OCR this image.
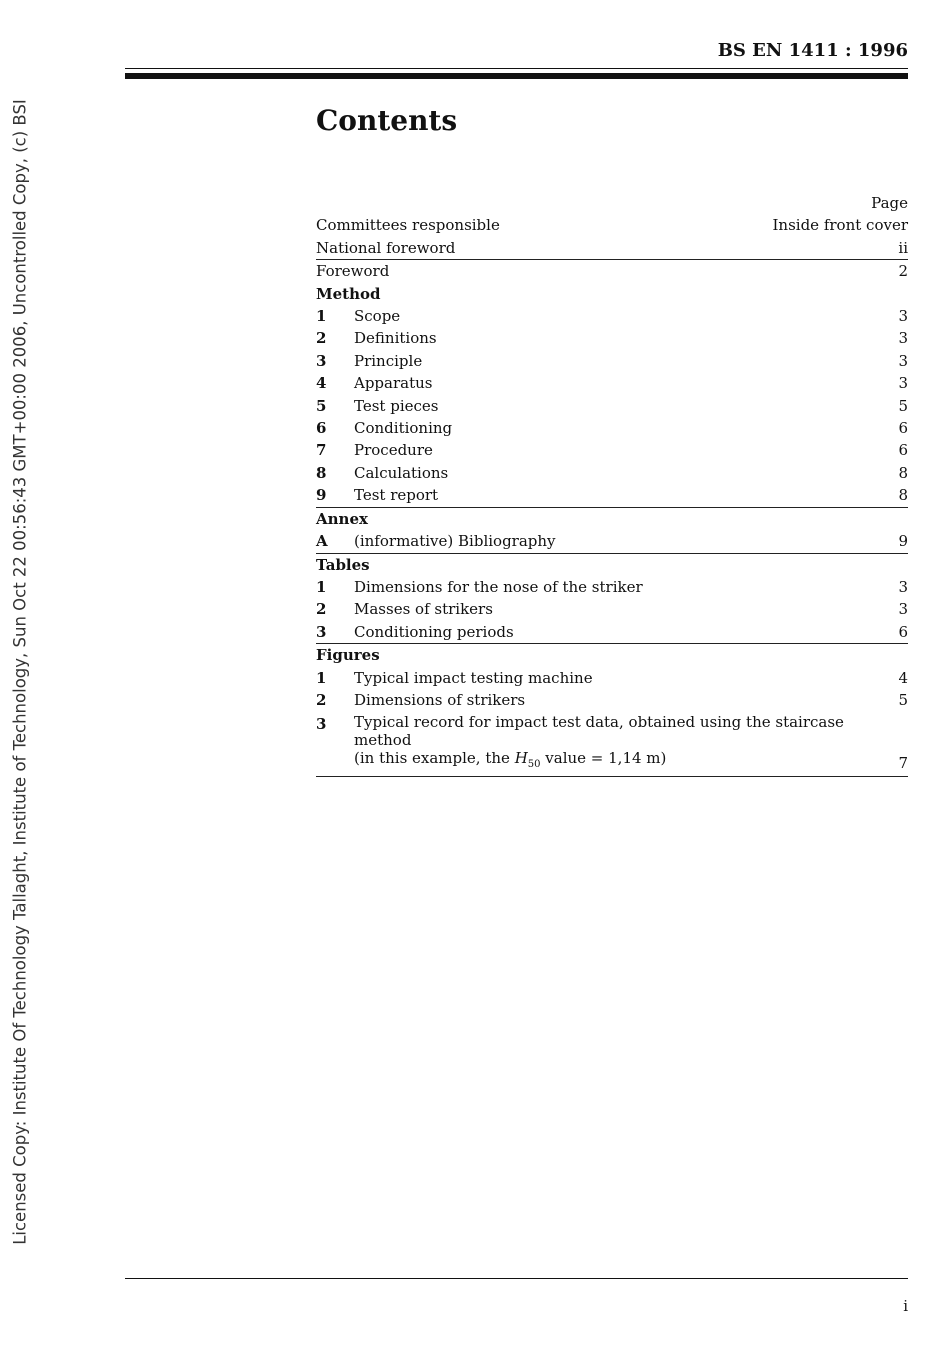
Licensed Copy: Institute Of Technology Tallaght, Institute of Technology, Sun Oct 22 00:56:43 GMT+00:00 2006, Uncontrolled Copy, (c) BSI
BS EN 1411 : 1996
Contents
Page
Committees responsible	Inside front cover
National foreword	ii
Foreword	2
Method
1	Scope	3
2	Definitions	3
3	Principle	3
4	Apparatus	3
5	Test pieces	5
6	Conditioning	6
7	Procedure	6
8	Calculations	8
9	Test report	8
Annex
A	(informative) Bibliography	9
Tables
1	Dimensions for the nose of the striker	3
2	Masses of strikers	3
3	Conditioning periods	6
Figures
1	Typical impact testing machine	4
2	Dimensions of strikers	5
3	Typical record for impact test data, obtained using the staircase method
(in this example, the $H_{50}$ value = 1,14 m)	7
i
